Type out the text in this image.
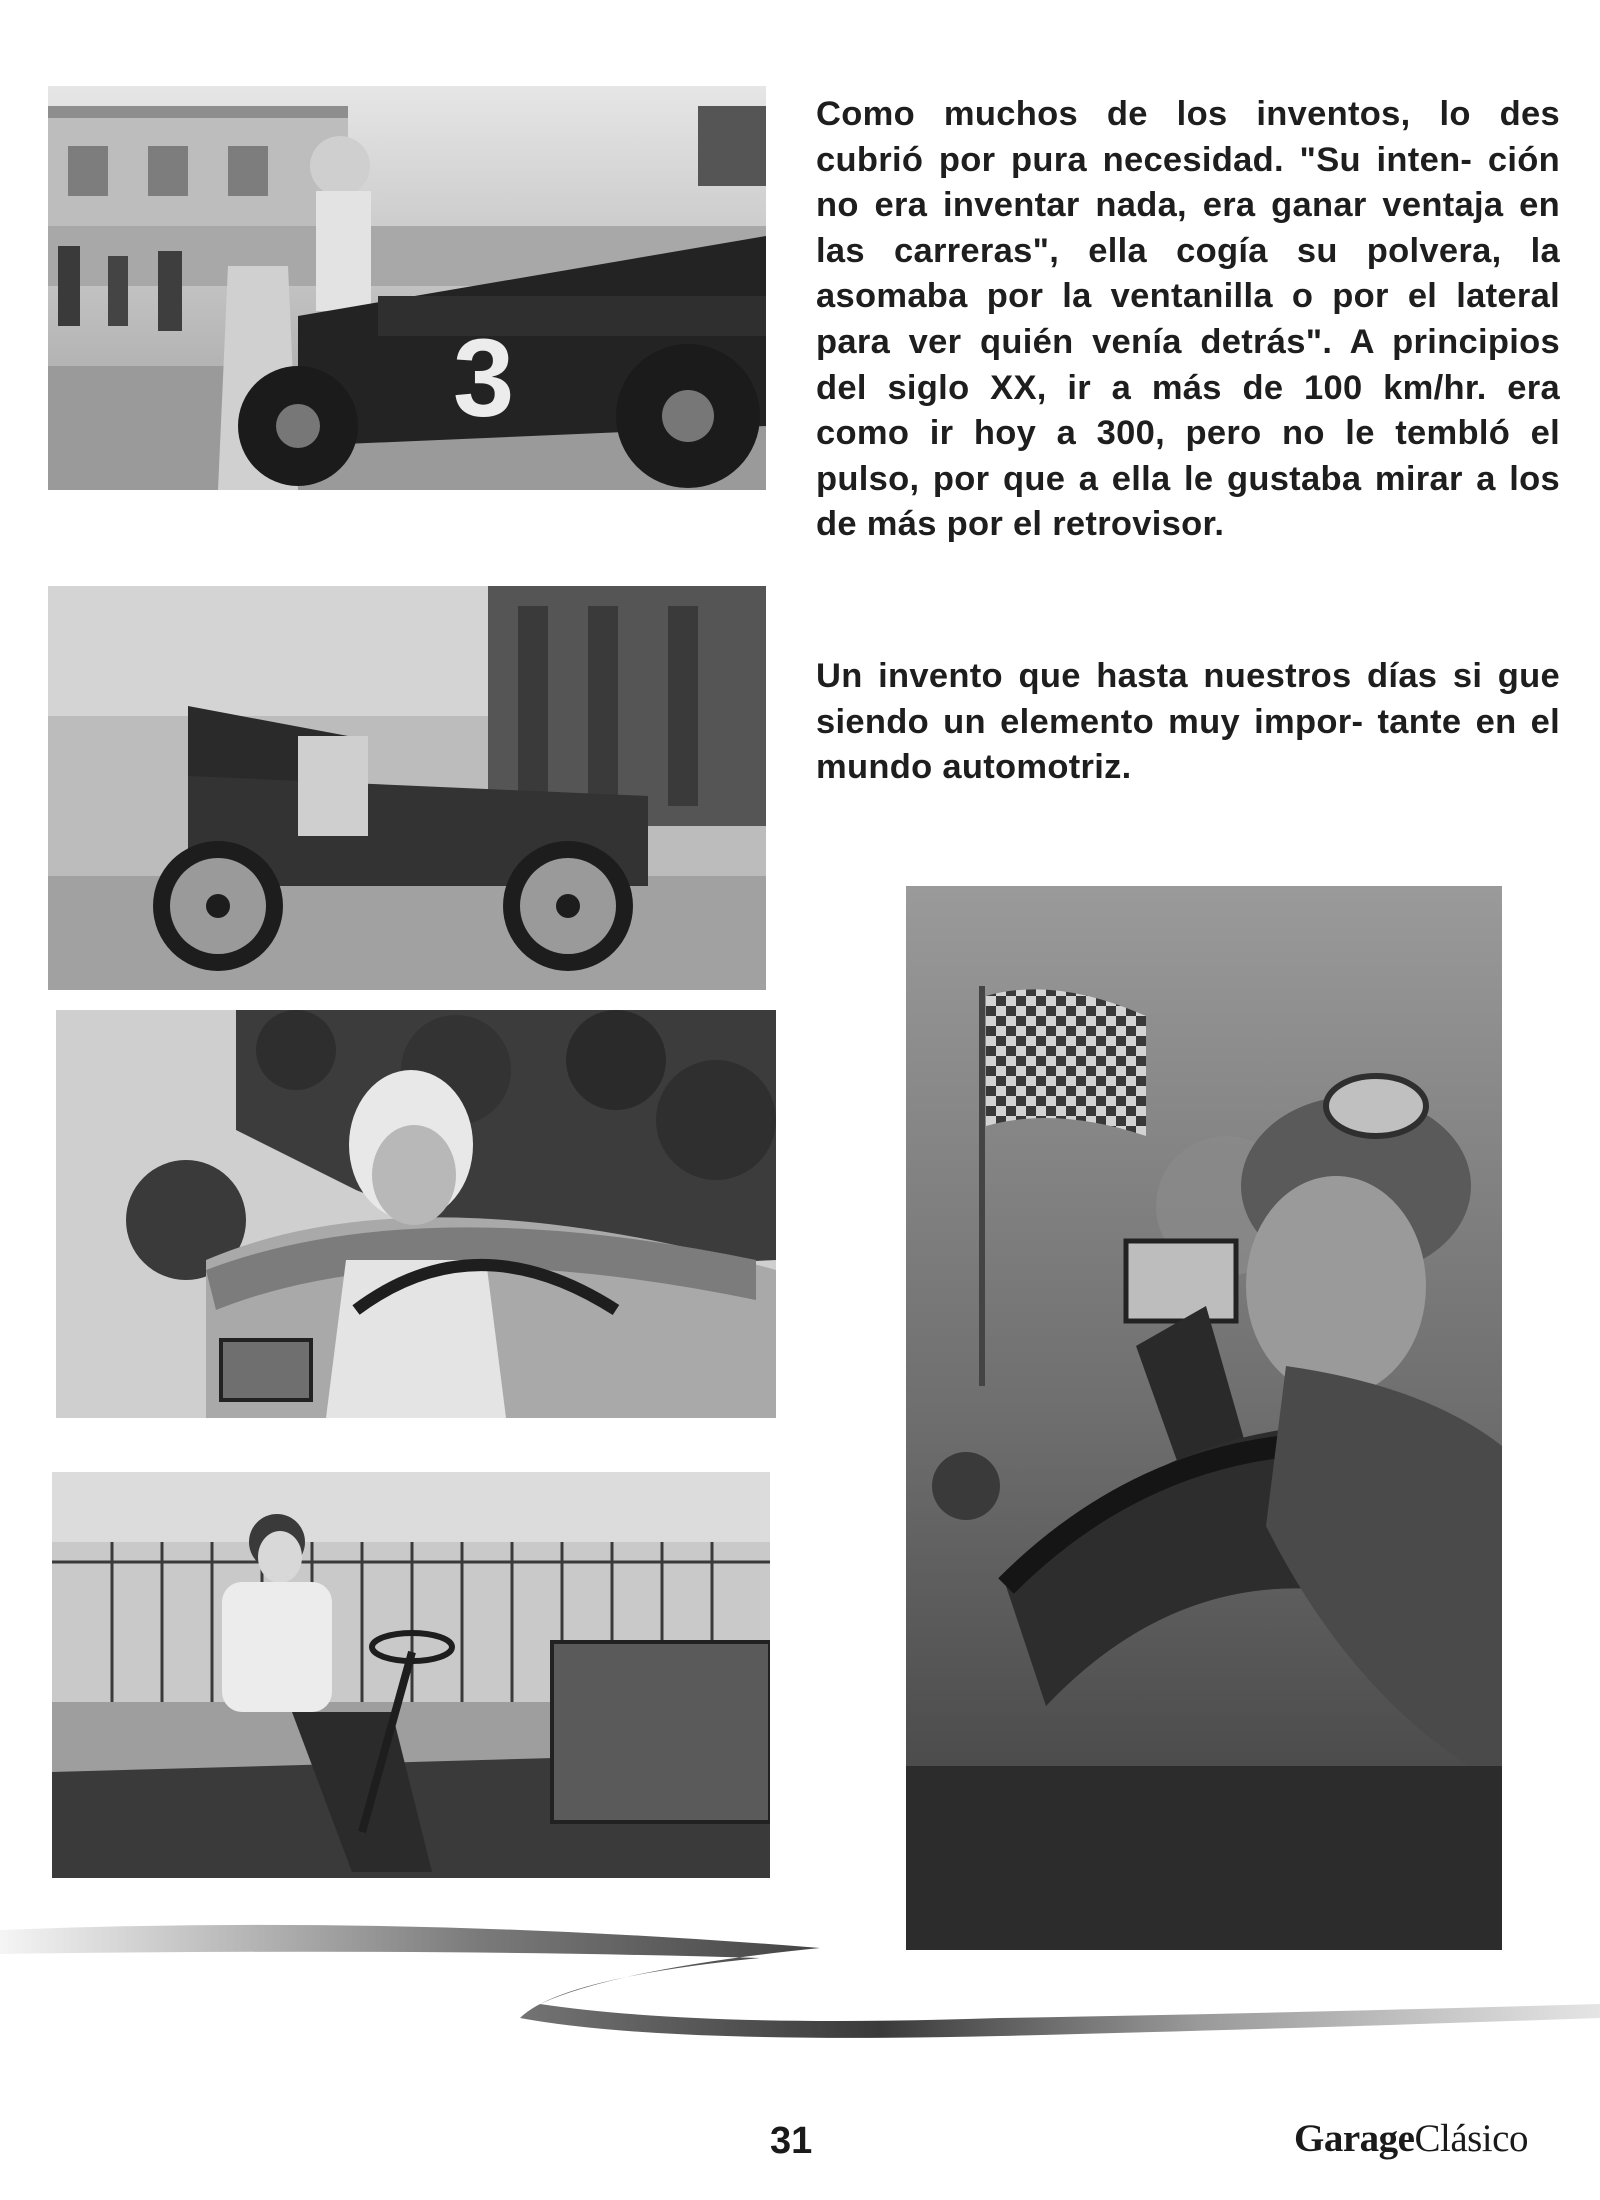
3

Como muchos de los inventos, lo des cubrió por pura necesidad. "Su inten- ción no era inventar nada, era ganar ventaja en las carreras", ella cogía su polvera, la asomaba por la ventanilla o por el lateral para ver quién venía detrás". A principios del siglo XX, ir a más de 100 km/hr. era como ir hoy a 300, pero no le tembló el pulso, por que a ella le gustaba mirar a los de más por el retrovisor.

Un invento que hasta nuestros días si gue siendo un elemento muy impor- tante en el mundo automotriz.

31	GarageClásico
